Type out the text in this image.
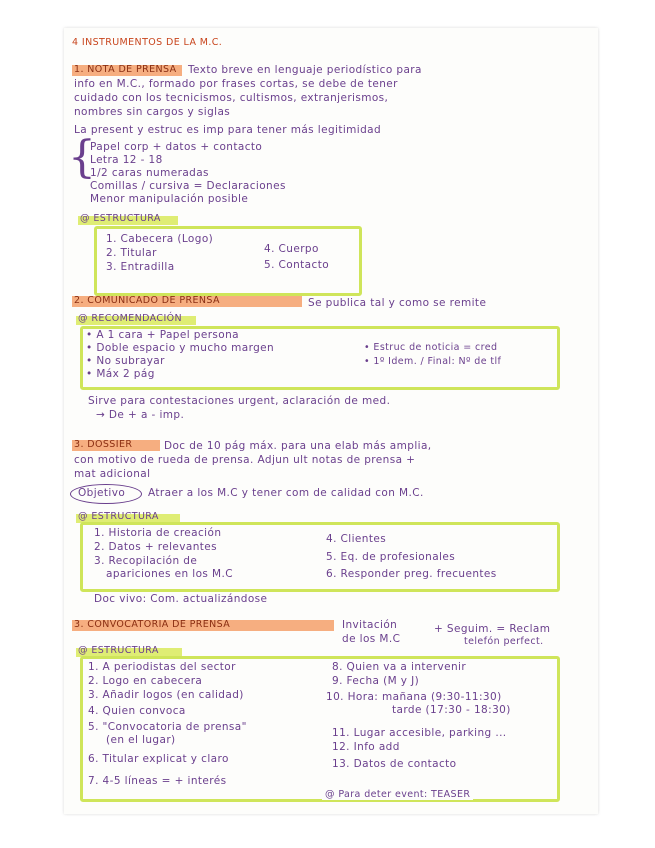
4 INSTRUMENTOS DE LA M.C.
1. NOTA DE PRENSA Texto breve en lenguaje periodístico para
info en M.C., formado por frases cortas, se debe de tener
cuidado con los tecnicismos, cultismos, extranjerismos,
nombres sin cargos y siglas
La present y estruc es imp para tener más legitimidad
{
Papel corp + datos + contacto
Letra 12 - 18
1/2 caras numeradas
Comillas / cursiva = Declaraciones
Menor manipulación posible
@ ESTRUCTURA
1. Cabecera (Logo)
2. Titular
3. Entradilla
4. Cuerpo
5. Contacto
2. COMUNICADO DE PRENSA	Se publica tal y como se remite
@ RECOMENDACIÓN
• A 1 cara + Papel persona
• Doble espacio y mucho margen
• No subrayar
• Máx 2 pág
• Estruc de noticia = cred
• 1º Idem. / Final: Nº de tlf
Sirve para contestaciones urgent, aclaración de med.
→ De + a - imp.
3. DOSSIER	Doc de 10 pág máx. para una elab más amplia,
con motivo de rueda de prensa. Adjun ult notas de prensa +
mat adicional
Objetivo Atraer a los M.C y tener com de calidad con M.C.
@ ESTRUCTURA
1. Historia de creación
2. Datos + relevantes
3. Recopilación de
apariciones en los M.C
4. Clientes
5. Eq. de profesionales
6. Responder preg. frecuentes
Doc vivo: Com. actualizándose
3. CONVOCATORIA DE PRENSA	Invitación
de los M.C
+ Seguim. = Reclam
telefón perfect.
@ ESTRUCTURA
1. A periodistas del sector
2. Logo en cabecera
3. Añadir logos (en calidad)
4. Quien convoca
5. "Convocatoria de prensa"
(en el lugar)
6. Titular explicat y claro
7. 4-5 líneas = + interés
8. Quien va a intervenir
9. Fecha (M y J)
10. Hora: mañana (9:30-11:30)
tarde (17:30 - 18:30)
11. Lugar accesible, parking ...
12. Info add
13. Datos de contacto
@ Para deter event: TEASER
